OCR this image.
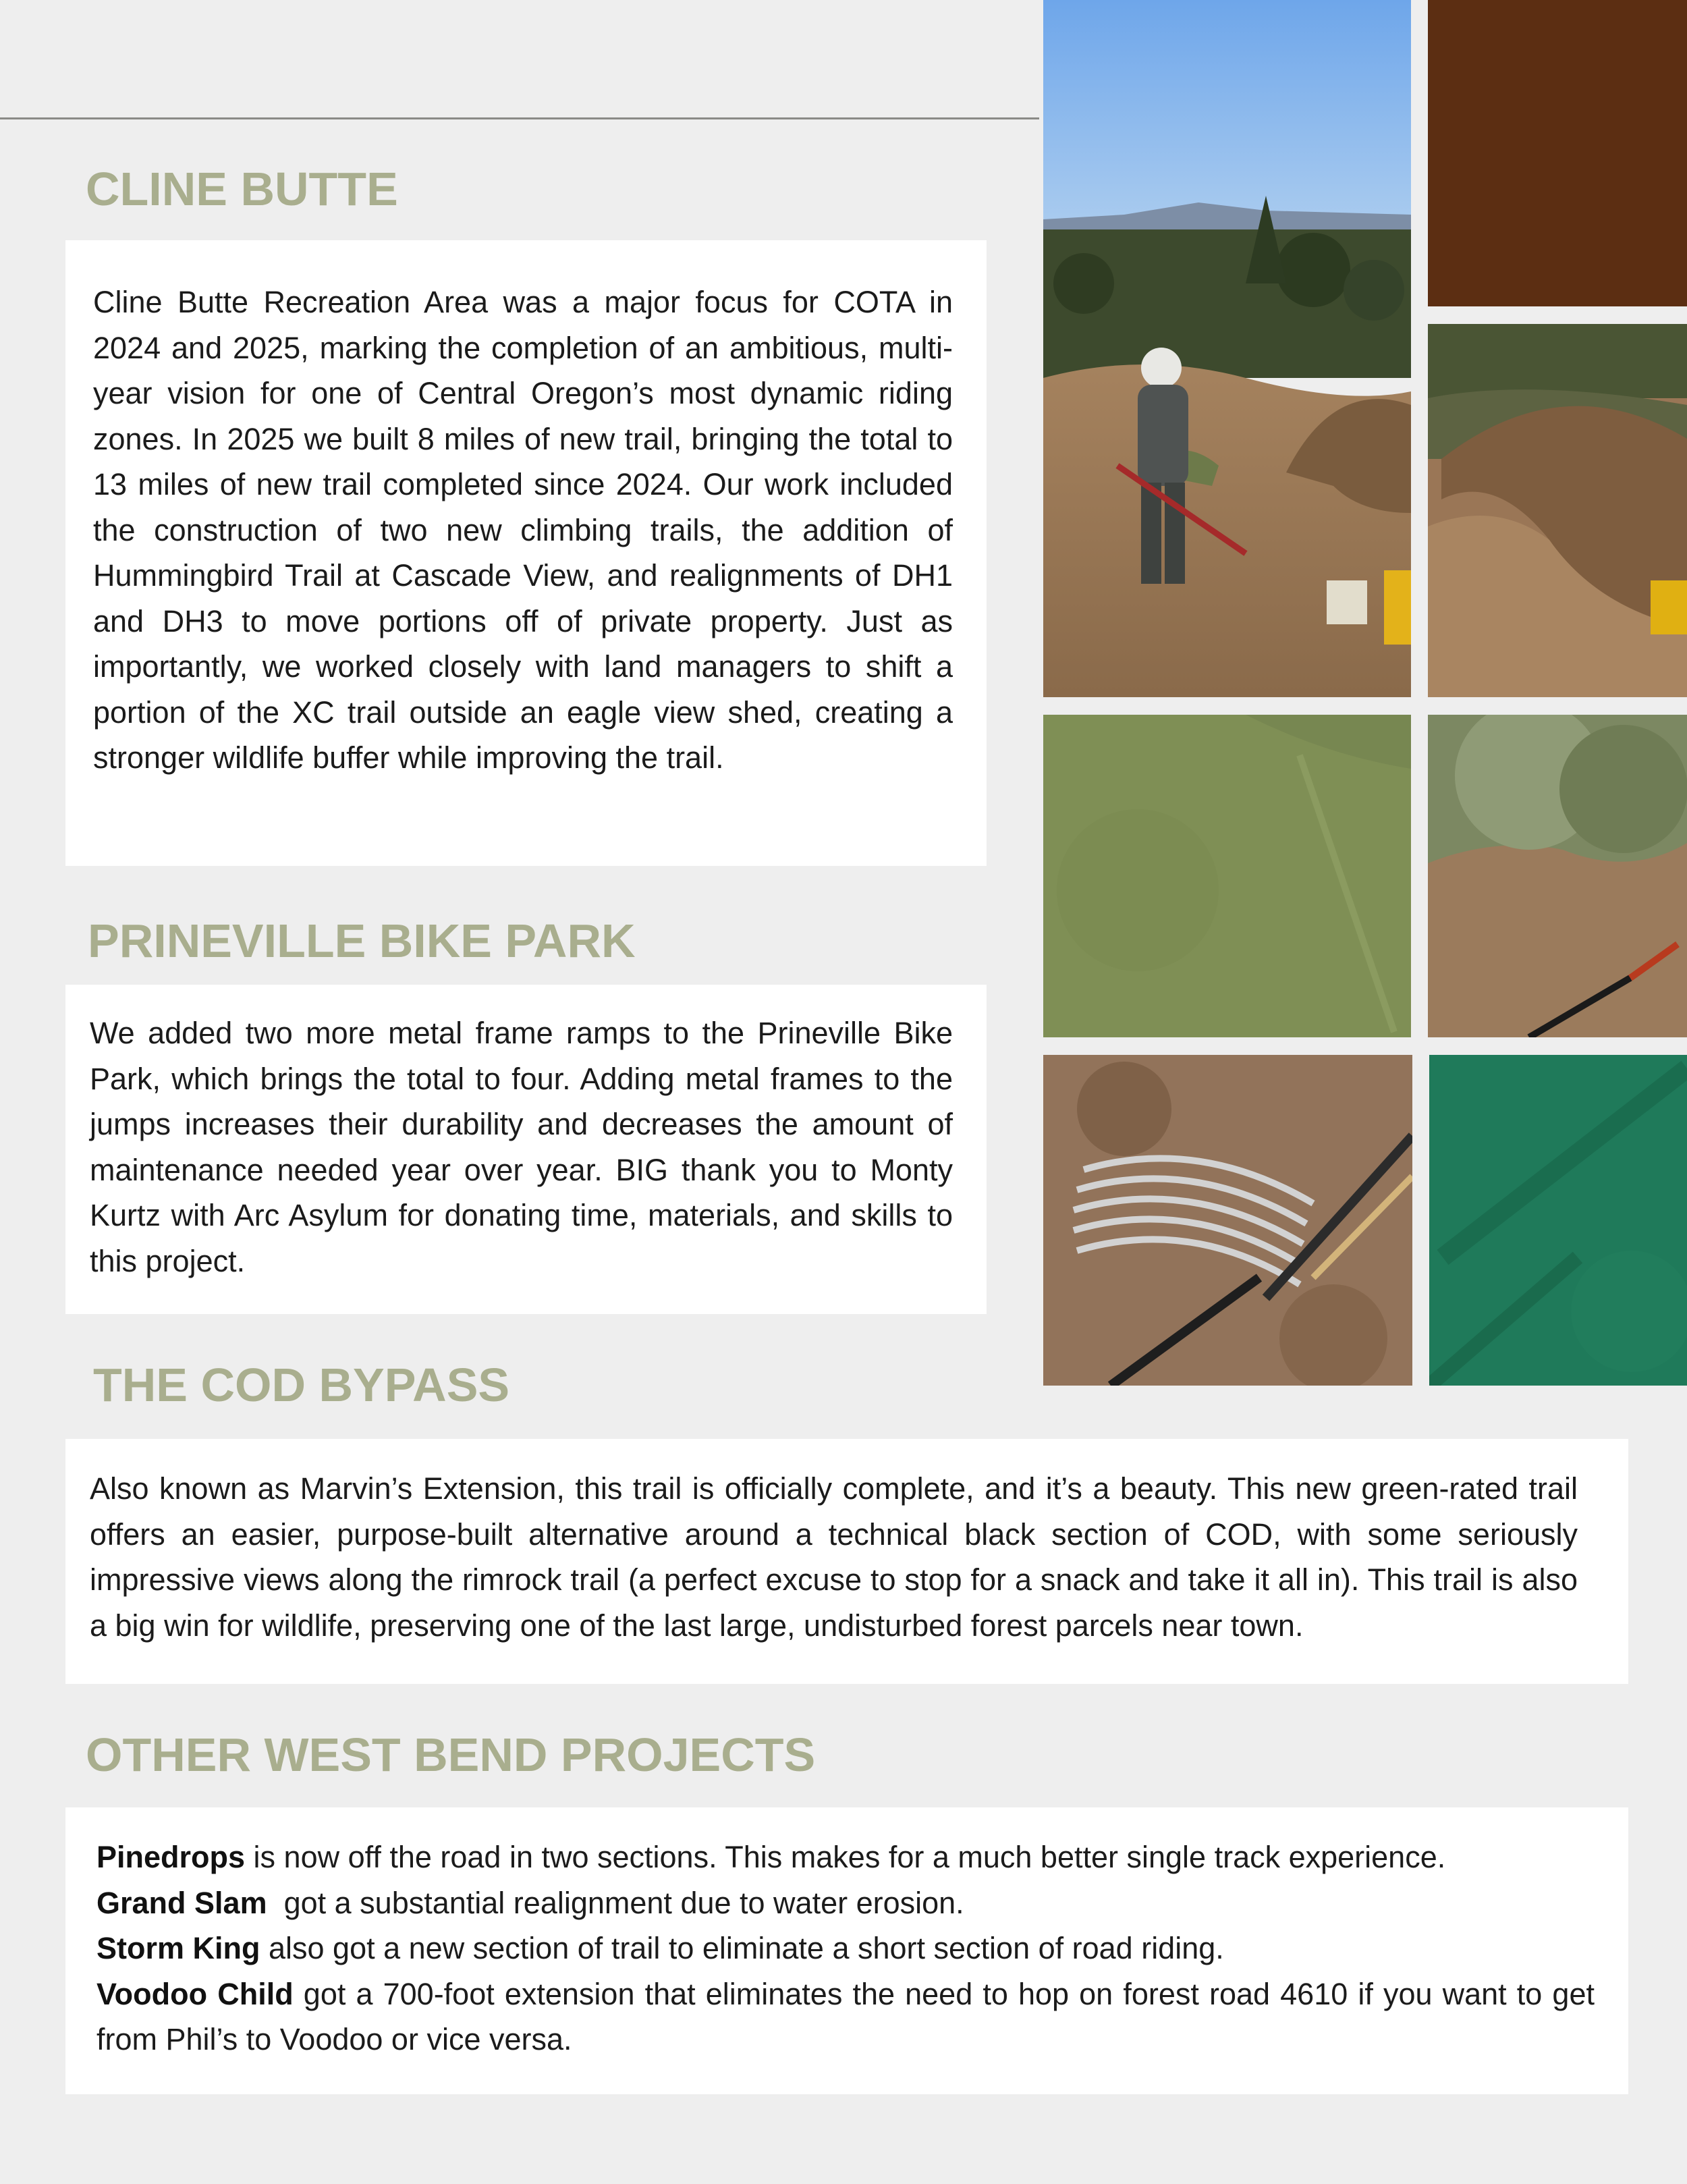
CLINE BUTTE

Cline Butte Recreation Area was a major focus for COTA in 2024 and 2025, marking the completion of an ambitious, multi-year vision for one of Central Oregon’s most dynamic riding zones. In 2025 we built 8 miles of new trail, bringing the total to 13 miles of new trail completed since 2024. Our work included the construction of two new climbing trails, the addition of Hummingbird Trail at Cascade View, and realignments of DH1 and DH3 to move portions off of private property. Just as importantly, we worked closely with land managers to shift a portion of the XC trail outside an eagle view shed, creating a stronger wildlife buffer while improving the trail.

PRINEVILLE BIKE PARK

We added two more metal frame ramps to the Prineville Bike Park, which brings the total to four. Adding metal frames to the jumps increases their durability and decreases the amount of maintenance needed year over year. BIG thank you to Monty Kurtz with Arc Asylum for donating time, materials, and skills to this project.

THE COD BYPASS

Also known as Marvin’s Extension, this trail is officially complete, and it’s a beauty. This new green-rated trail offers an easier, purpose-built alternative around a technical black section of COD, with some seriously impressive views along the rimrock trail (a perfect excuse to stop for a snack and take it all in). This trail is also a big win for wildlife, preserving one of the last large, undisturbed forest parcels near town.

OTHER WEST BEND PROJECTS

Pinedrops is now off the road in two sections. This makes for a much better single track experience.

Grand Slam  got a substantial realignment due to water erosion.

Storm King also got a new section of trail to eliminate a short section of road riding.

Voodoo Child got a 700-foot extension that eliminates the need to hop on forest road 4610 if you want to get from Phil’s to Voodoo or vice versa.
